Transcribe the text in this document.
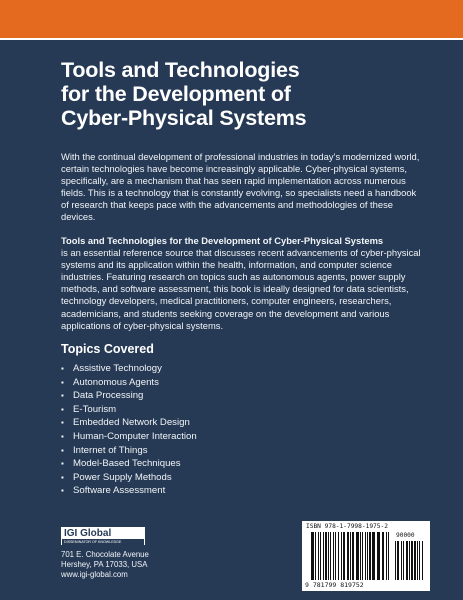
Tools and Technologies
for the Development of
Cyber-Physical Systems

With the continual development of professional industries in today’s modernized world, certain technologies have become increasingly applicable. Cyber-physical systems, specifically, are a mechanism that has seen rapid implementation across numerous fields. This is a technology that is constantly evolving, so specialists need a handbook of research that keeps pace with the advancements and methodologies of these devices.

Tools and Technologies for the Development of Cyber-Physical Systems
is an essential reference source that discusses recent advancements of cyber-physical systems and its application within the health, information, and computer science industries. Featuring research on topics such as autonomous agents, power supply methods, and software assessment, this book is ideally designed for data scientists, technology developers, medical practitioners, computer engineers, researchers, academicians, and students seeking coverage on the development and various applications of cyber-physical systems.

Topics Covered
▪ Assistive Technology
▪ Autonomous Agents
▪ Data Processing
▪ E-Tourism
▪ Embedded Network Design
▪ Human-Computer Interaction
▪ Internet of Things
▪ Model-Based Techniques
▪ Power Supply Methods
▪ Software Assessment
IGI Global
DISSEMINATOR OF KNOWLEDGE
701 E. Chocolate Avenue
Hershey, PA 17033, USA
www.igi-global.com
ISBN 978-1-7998-1975-2
90000
9 781799 819752
